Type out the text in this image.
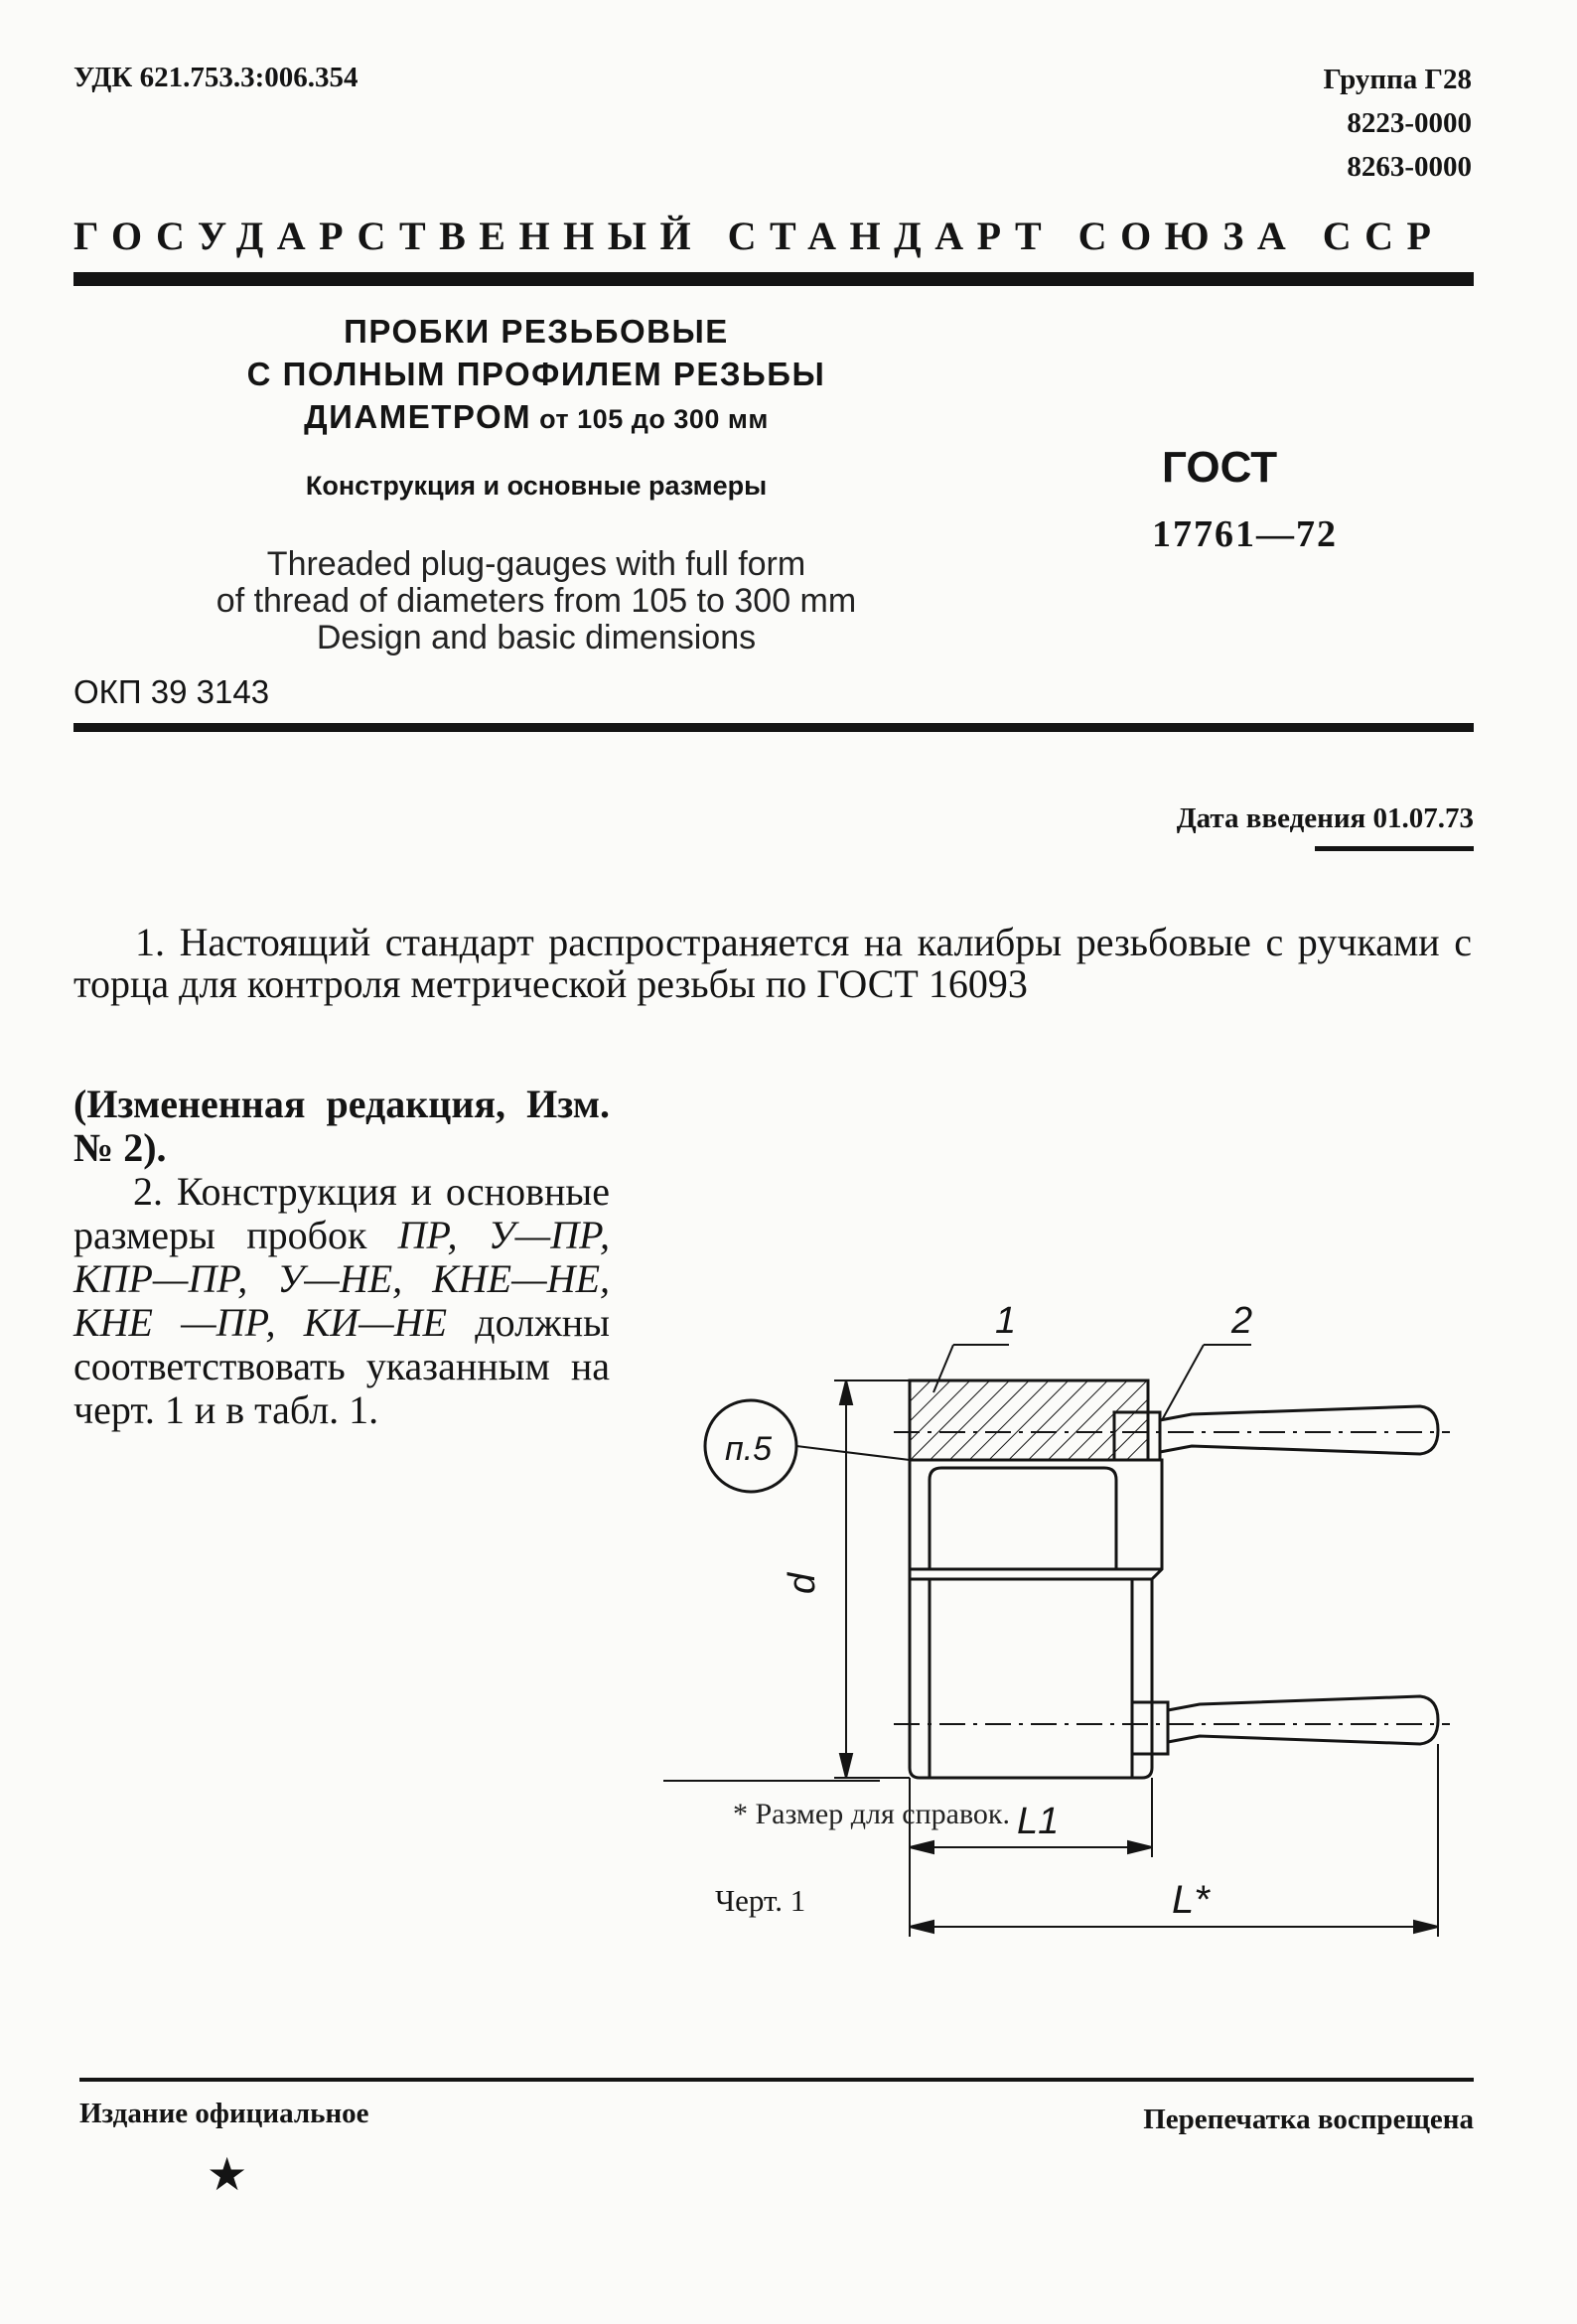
УДК 621.753.3:006.354	Группа Г28
8223-0000
8263-0000
ГОСУДАРСТВЕННЫЙ СТАНДАРТ СОЮЗА ССР
ПРОБКИ РЕЗЬБОВЫЕ
С ПОЛНЫМ ПРОФИЛЕМ РЕЗЬБЫ
ДИАМЕТРОМ от 105 до 300 мм
Конструкция и основные размеры
Threaded plug-gauges with full form
of thread of diameters from 105 to 300 mm
Design and basic dimensions
ГОСТ
17761—72
ОКП 39 3143
Дата введения 01.07.73
1. Настоящий стандарт распространяется на калибры резьбовые с ручками с торца для контроля метрической резьбы по ГОСТ 16093

(Измененная редакция, Изм. № 2).

2. Конструкция и основные размеры пробок ПР, У—ПР, КПР—ПР, У—НЕ, КНЕ—НЕ, КНЕ —ПР, КИ—НЕ должны соответствовать указанным на черт. 1 и в табл. 1.

d
п.5
1	2
L1
L*
* Размер для справок.
Черт. 1
Издание официальное	Перепечатка воспрещена
★
